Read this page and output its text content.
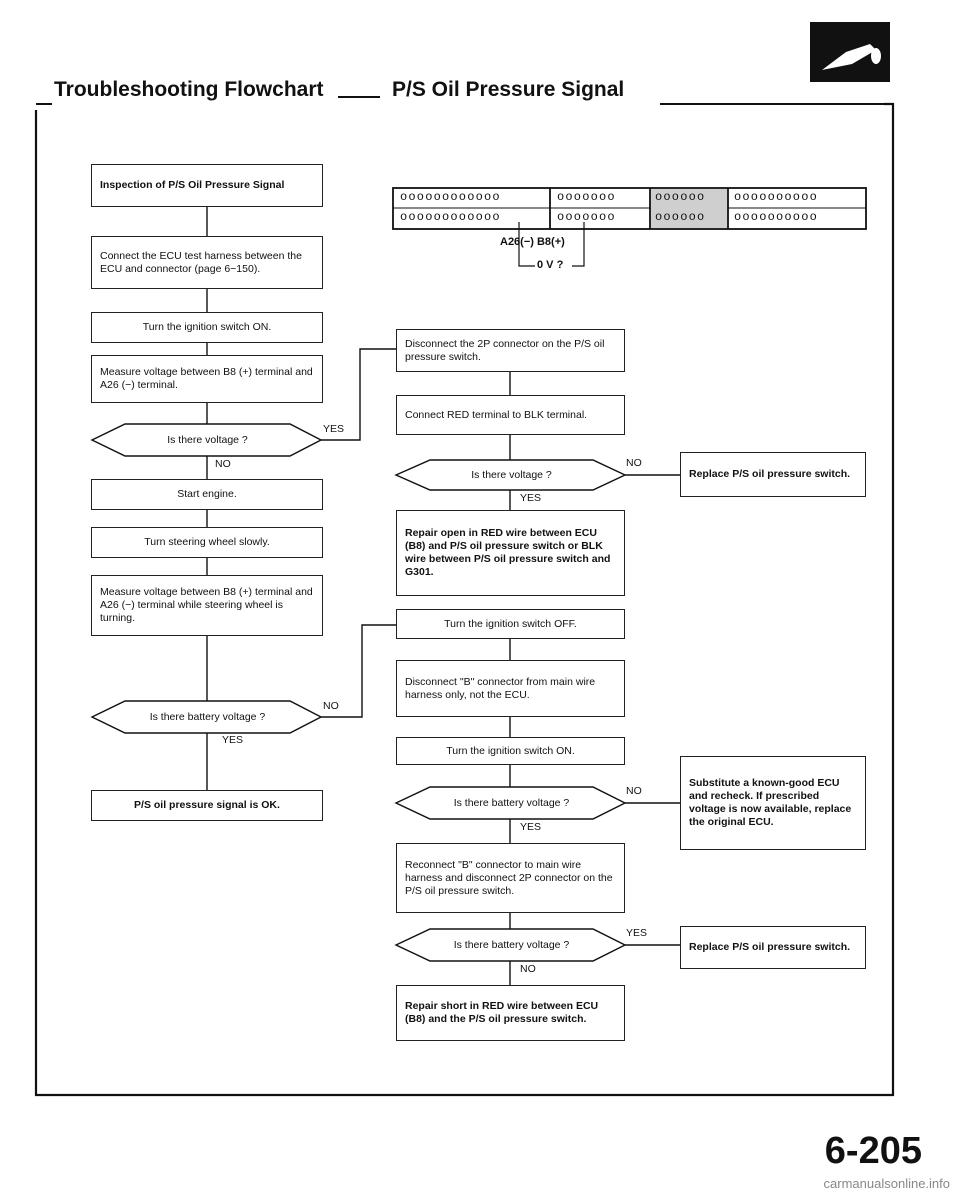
Troubleshooting Flowchart	P/S Oil Pressure Signal
oooooooooooo	ooooooo	oooooo oooooooooo
oooooooooooo	ooooooo	oooooo oooooooooo
A26(−) B8(+)
0 V ?
Inspection of P/S Oil Pressure Signal
Connect the ECU test harness between the ECU and connector (page 6−150).
Turn the ignition switch ON.
Measure voltage between B8 (+) terminal and A26 (−) terminal.
Is there voltage ?
YES
NO
Start engine.
Turn steering wheel slowly.
Measure voltage between B8 (+) terminal and A26 (−) terminal while steering wheel is turning.
Is there battery voltage ?
NO
YES
P/S oil pressure signal is OK.
Disconnect the 2P connector on the P/S oil pressure switch.
Connect RED terminal to BLK terminal.
Is there voltage ?
NO
YES
Repair open in RED wire between ECU (B8) and P/S oil pressure switch or BLK wire between P/S oil pressure switch and G301.
Turn the ignition switch OFF.
Disconnect "B" connector from main wire harness only, not the ECU.
Turn the ignition switch ON.
Is there battery voltage ?
NO
YES
Reconnect "B" connector to main wire harness and disconnect 2P connector on the P/S oil pressure switch.
Is there battery voltage ?
YES
NO
Repair short in RED wire between ECU (B8) and the P/S oil pressure switch.
Replace P/S oil pressure switch.
Substitute a known-good ECU and recheck. If prescribed voltage is now available, replace the original ECU.
Replace P/S oil pressure switch.
6-205
carmanualsonline.info
